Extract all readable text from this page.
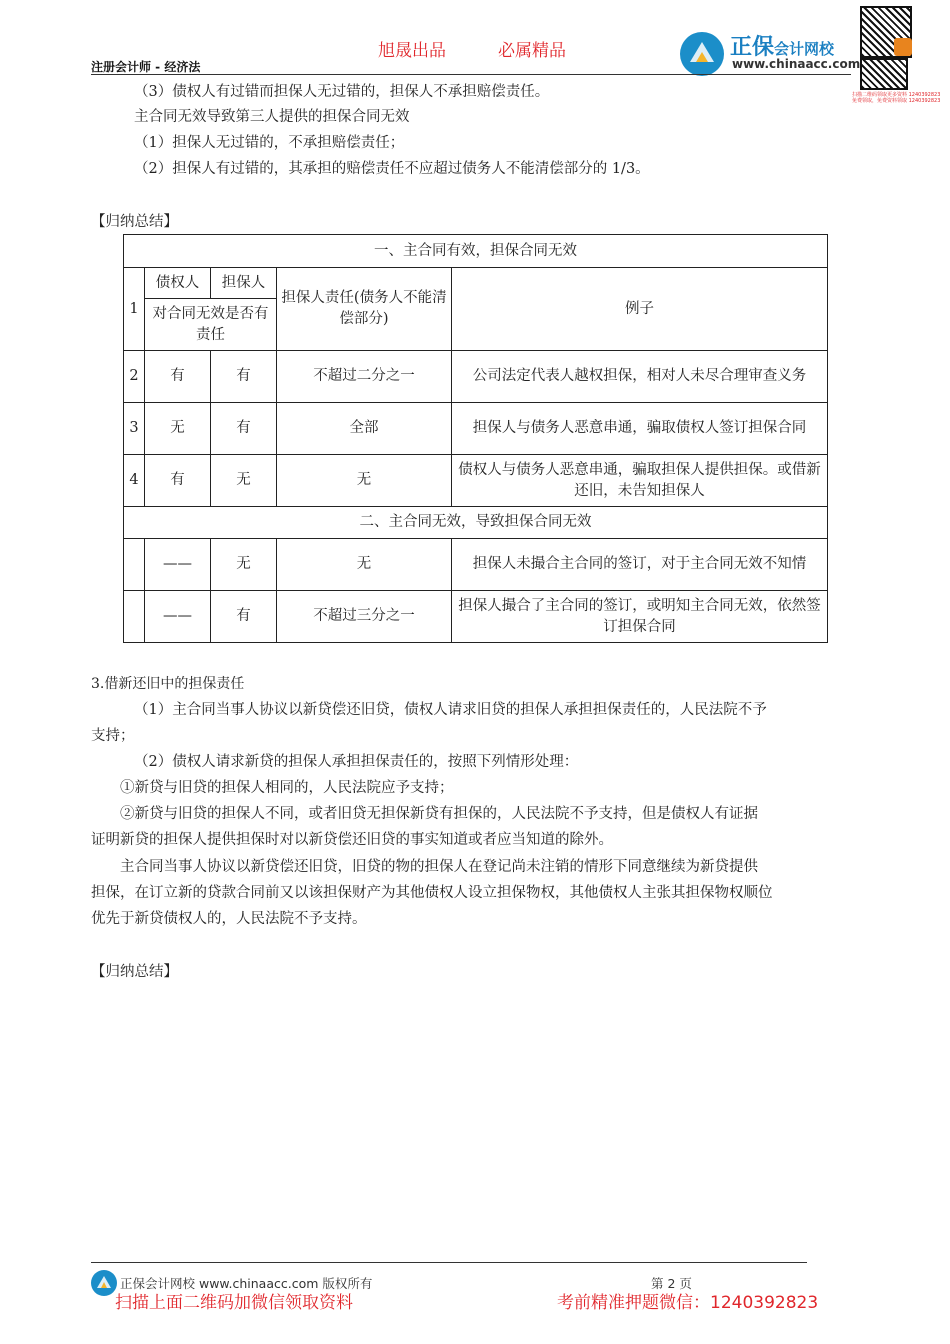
旭晟出品	必属精品
注册会计师 - 经济法
正保会计网校
www.chinaacc.com
扫描二维码领取更多资料 1240392823
免费领取，免费资料领取 1240392823
（3）债权人有过错而担保人无过错的，担保人不承担赔偿责任。
主合同无效导致第三人提供的担保合同无效
（1）担保人无过错的，不承担赔偿责任；
（2）担保人有过错的，其承担的赔偿责任不应超过债务人不能清偿部分的 1/3。
【归纳总结】
一、主合同有效，担保合同无效				
1	债权人	担保人	担保人责任(债务人不能清偿部分)	例子
	对合同无效是否有责任			
2	有	有	不超过二分之一	公司法定代表人越权担保，相对人未尽合理审查义务
3	无	有	全部	担保人与债务人恶意串通，骗取债权人签订担保合同
4	有	无	无	债权人与债务人恶意串通，骗取担保人提供担保。或借新还旧，未告知担保人
二、主合同无效，导致担保合同无效				
	——	无	无	担保人未撮合主合同的签订，对于主合同无效不知情
	——	有	不超过三分之一	担保人撮合了主合同的签订，或明知主合同无效，依然签订担保合同
3.借新还旧中的担保责任
（1）主合同当事人协议以新贷偿还旧贷，债权人请求旧贷的担保人承担担保责任的，人民法院不予
支持；
（2）债权人请求新贷的担保人承担担保责任的，按照下列情形处理：
①新贷与旧贷的担保人相同的，人民法院应予支持；
②新贷与旧贷的担保人不同，或者旧贷无担保新贷有担保的，人民法院不予支持，但是债权人有证据
证明新贷的担保人提供担保时对以新贷偿还旧贷的事实知道或者应当知道的除外。
主合同当事人协议以新贷偿还旧贷，旧贷的物的担保人在登记尚未注销的情形下同意继续为新贷提供
担保，在订立新的贷款合同前又以该担保财产为其他债权人设立担保物权，其他债权人主张其担保物权顺位
优先于新贷债权人的，人民法院不予支持。
【归纳总结】
正保会计网校 www.chinaacc.com 版权所有	第 2 页
扫描上面二维码加微信领取资料	考前精准押题微信：1240392823
